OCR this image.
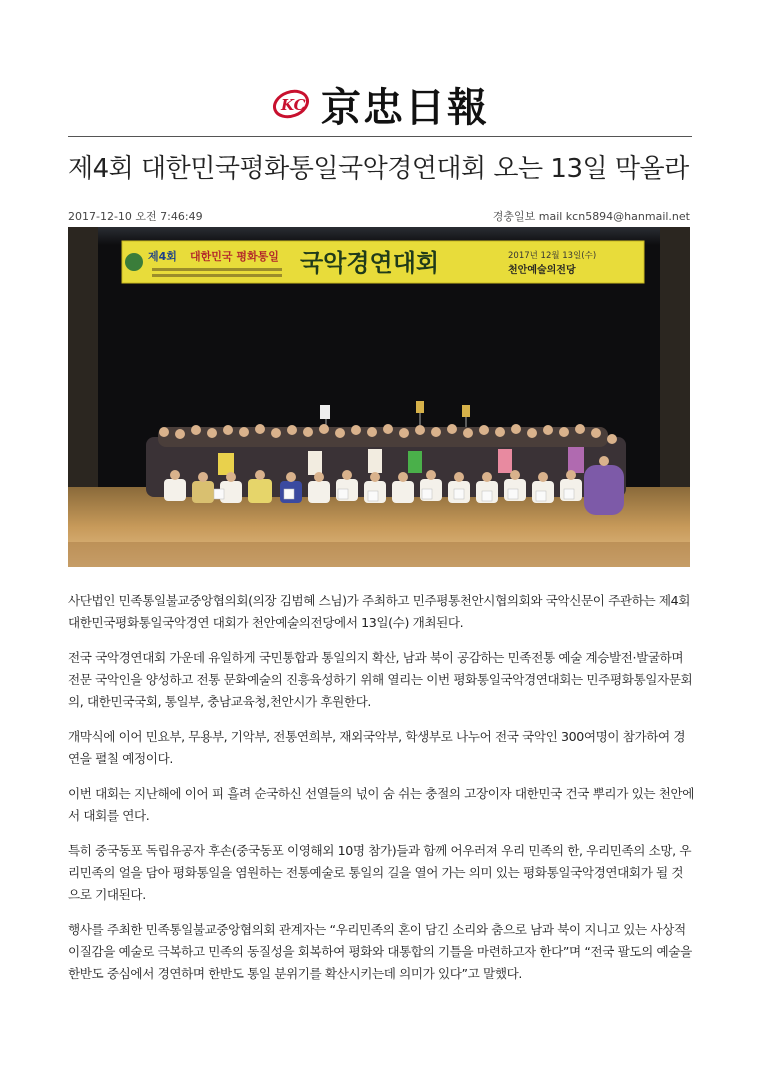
KC 京忠日報
제4회 대한민국평화통일국악경연대회 오는 13일 막올라
2017-12-10 오전 7:46:49	경충일보 mail kcn5894@hanmail.net
제4회 대한민국 평화통일 국악경연대회	2017년 12월 13일(수)
천안예술의전당

사단법인 민족통일불교중앙협의회(의장 김범혜 스님)가 주최하고 민주평통천안시협의회와 국악신문이 주관하는 제4회 대한민국평화통일국악경연 대회가 천안예술의전당에서 13일(수) 개최된다.

전국 국악경연대회 가운데 유일하게 국민통합과 통일의지 확산, 남과 북이 공감하는 민족전통 예술 계승발전·발굴하며 전문 국악인을 양성하고 전통 문화예술의 진흥육성하기 위해 열리는 이번 평화통일국악경연대회는 민주평화통일자문회의, 대한민국국회, 통일부, 충남교육청,천안시가 후원한다.

개막식에 이어 민요부, 무용부, 기악부, 전통연희부, 재외국악부, 학생부로 나누어 전국 국악인 300여명이 참가하여 경연을 펼칠 예정이다.

이번 대회는 지난해에 이어 피 흘려 순국하신 선열들의 넋이 숨 쉬는 충절의 고장이자 대한민국 건국 뿌리가 있는 천안에서 대회를 연다.

특히 중국동포 독립유공자 후손(중국동포 이영해외 10명 참가)들과 함께 어우러져 우리 민족의 한, 우리민족의 소망, 우리민족의 얼을 담아 평화통일을 염원하는 전통예술로 통일의 길을 열어 가는 의미 있는 평화통일국악경연대회가 될 것으로 기대된다.

행사를 주최한 민족통일불교중앙협의회 관계자는 “우리민족의 혼이 담긴 소리와 춤으로 남과 북이 지니고 있는 사상적 이질감을 예술로 극복하고 민족의 동질성을 회복하여 평화와 대통합의 기틀을 마련하고자 한다”며 “전국 팔도의 예술을 한반도 중심에서 경연하며 한반도 통일 분위기를 확산시키는데 의미가 있다”고 말했다.
